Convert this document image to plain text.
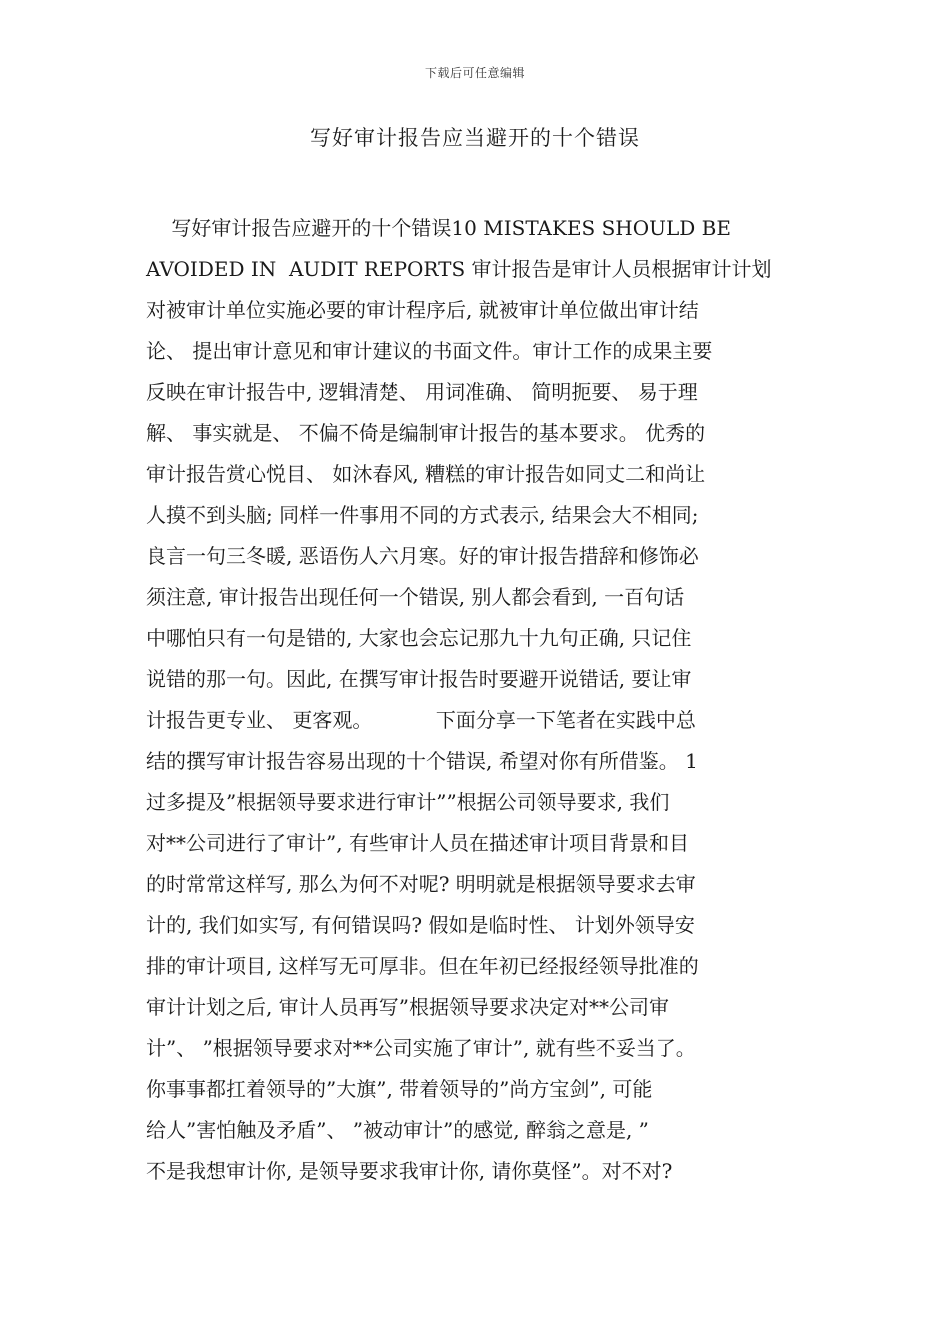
下载后可任意编辑
写好审计报告应当避开的十个错误
写好审计报告应避开的十个错误10 MISTAKES SHOULD BE
AVOIDED IN  AUDIT REPORTS 审计报告是审计人员根据审计计划
对被审计单位实施必要的审计程序后, 就被审计单位做出审计结
论、 提出审计意见和审计建议的书面文件。审计工作的成果主要
反映在审计报告中, 逻辑清楚、 用词准确、 简明扼要、 易于理
解、 事实就是、 不偏不倚是编制审计报告的基本要求。 优秀的
审计报告赏心悦目、 如沐春风, 糟糕的审计报告如同丈二和尚让
人摸不到头脑; 同样一件事用不同的方式表示, 结果会大不相同;
良言一句三冬暖, 恶语伤人六月寒。好的审计报告措辞和修饰必
须注意, 审计报告出现任何一个错误, 别人都会看到, 一百句话
中哪怕只有一句是错的, 大家也会忘记那九十九句正确, 只记住
说错的那一句。因此, 在撰写审计报告时要避开说错话, 要让审
计报告更专业、 更客观。          下面分享一下笔者在实践中总
结的撰写审计报告容易出现的十个错误, 希望对你有所借鉴。 1
过多提及”根据领导要求进行审计””根据公司领导要求, 我们
对**公司进行了审计”, 有些审计人员在描述审计项目背景和目
的时常常这样写, 那么为何不对呢? 明明就是根据领导要求去审
计的, 我们如实写, 有何错误吗? 假如是临时性、 计划外领导安
排的审计项目, 这样写无可厚非。但在年初已经报经领导批准的
审计计划之后, 审计人员再写”根据领导要求决定对**公司审
计”、 ”根据领导要求对**公司实施了审计”, 就有些不妥当了。
你事事都扛着领导的”大旗”, 带着领导的”尚方宝剑”, 可能
给人”害怕触及矛盾”、 ”被动审计”的感觉, 醉翁之意是, ”
不是我想审计你, 是领导要求我审计你, 请你莫怪”。对不对?
